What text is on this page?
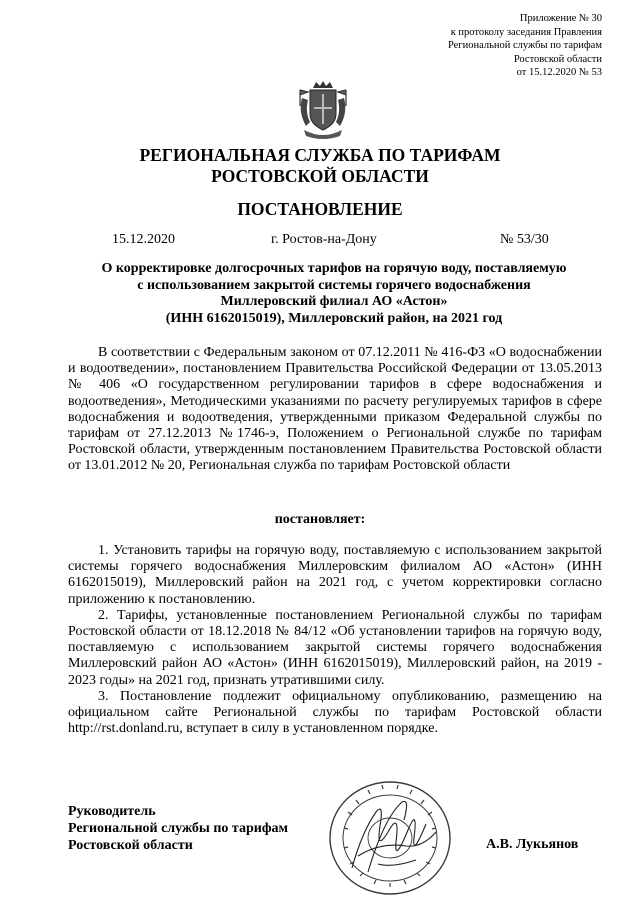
Приложение № 30
к протоколу заседания Правления
Региональной службы по тарифам
Ростовской области
от 15.12.2020 № 53
РЕГИОНАЛЬНАЯ СЛУЖБА ПО ТАРИФАМ
РОСТОВСКОЙ ОБЛАСТИ
ПОСТАНОВЛЕНИЕ
15.12.2020	г. Ростов-на-Дону	№ 53/30
О корректировке долгосрочных тарифов на горячую воду, поставляемую
с использованием закрытой системы горячего водоснабжения
Миллеровский филиал АО «Астон»
(ИНН 6162015019), Миллеровский район, на 2021 год
В соответствии с Федеральным законом от 07.12.2011 № 416-ФЗ «О водоснабжении и водоотведении», постановлением Правительства Российской Федерации от 13.05.2013 № 406 «О государственном регулировании тарифов в сфере водоснабжения и водоотведения», Методическими указаниями по расчету регулируемых тарифов в сфере водоснабжения и водоотведения, утвержденными приказом Федеральной службы по тарифам от 27.12.2013 №1746-э, Положением о Региональной службе по тарифам Ростовской области, утвержденным постановлением Правительства Ростовской области от 13.01.2012 № 20, Региональная служба по тарифам Ростовской области
постановляет:

1. Установить тарифы на горячую воду, поставляемую с использованием закрытой системы горячего водоснабжения Миллеровским филиалом АО «Астон» (ИНН 6162015019), Миллеровский район на 2021 год, с учетом корректировки согласно приложению к постановлению.

2. Тарифы, установленные постановлением Региональной службы по тарифам Ростовской области от 18.12.2018 № 84/12 «Об установлении тарифов на горячую воду, поставляемую с использованием закрытой системы горячего водоснабжения Миллеровский район АО «Астон» (ИНН 6162015019), Миллеровский район, на 2019 - 2023 годы» на 2021 год, признать утратившими силу.

3. Постановление подлежит официальному опубликованию, размещению на официальном сайте Региональной службы по тарифам Ростовской области http://rst.donland.ru, вступает в силу в установленном порядке.

Руководитель
Региональной службы по тарифам
Ростовской области	А.В. Лукьянов
